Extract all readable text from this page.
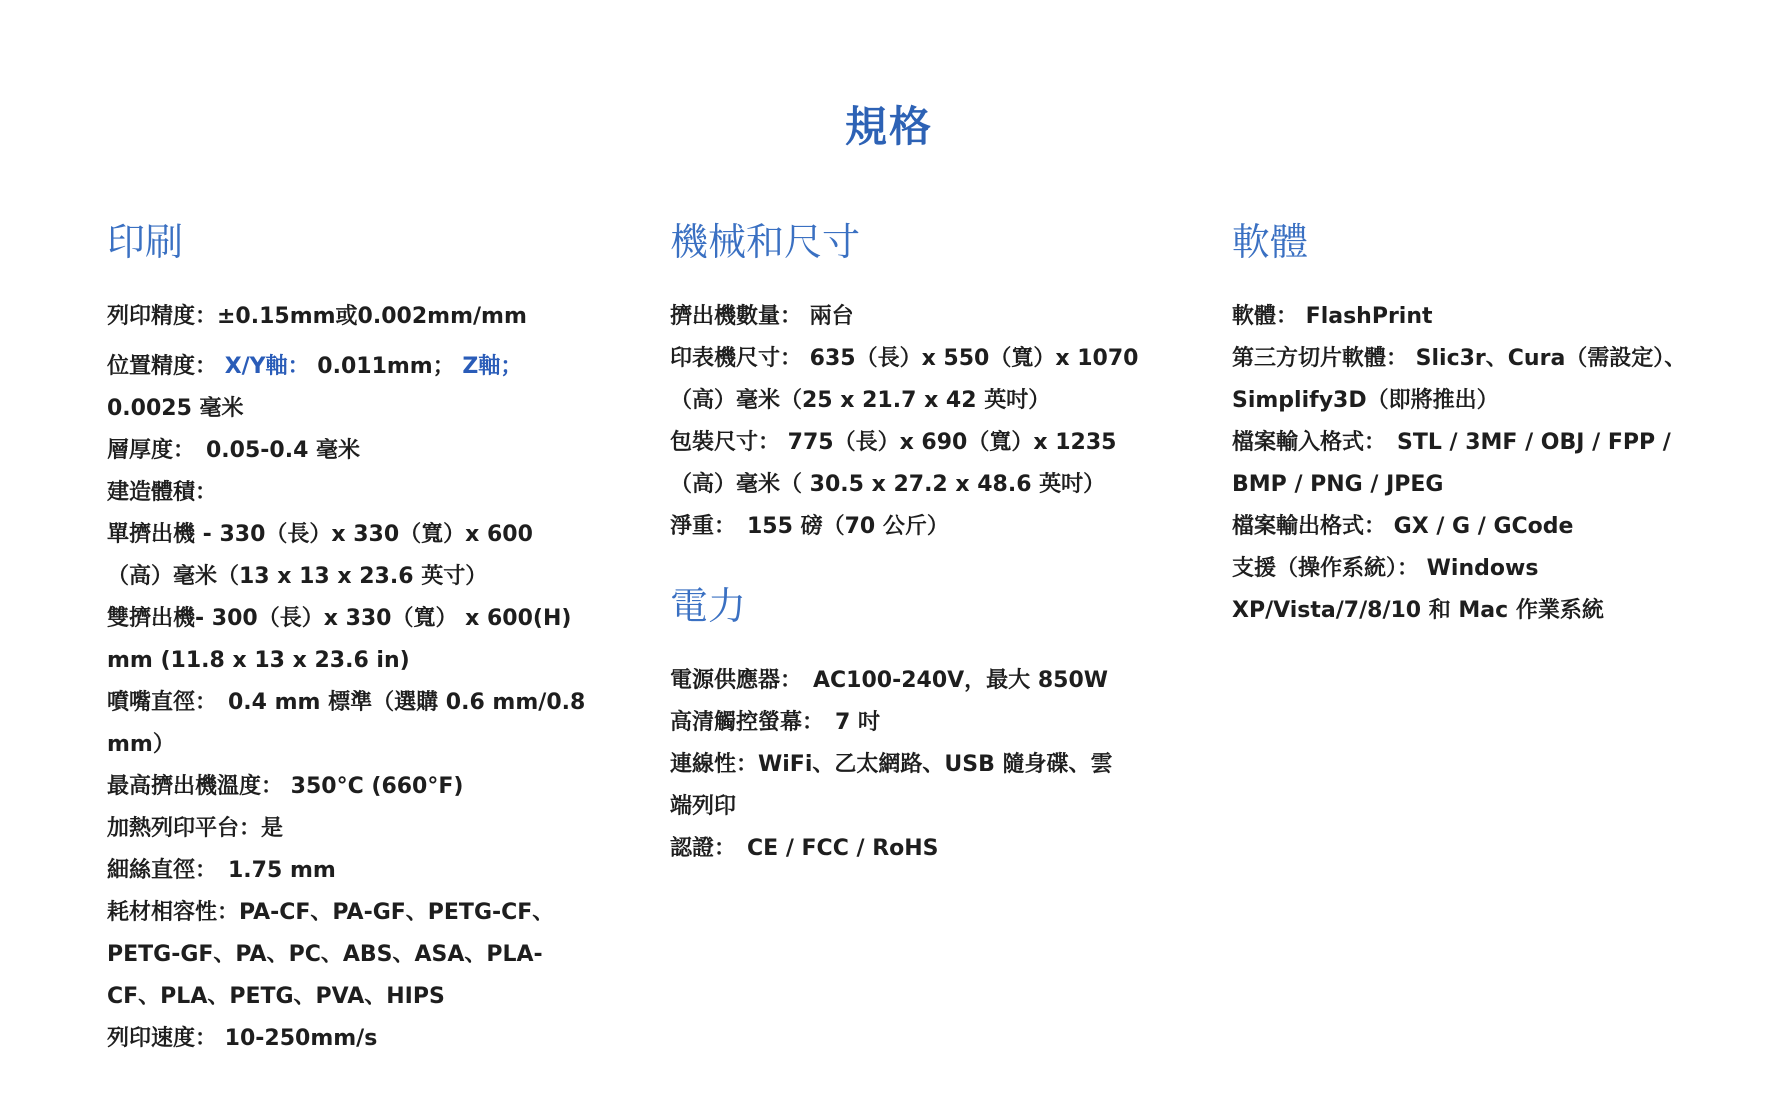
規格
印刷
列印精度：±0.15mm或0.002mm/mm
位置精度： X/Y軸： 0.011mm； Z軸；
0.0025 毫米
層厚度：　0.05-0.4 毫米
建造體積：
單擠出機 - 330（長）x 330（寬）x 600
（高）毫米（13 x 13 x 23.6 英寸）
雙擠出機- 300（長）x 330（寬） x 600(H)
mm (11.8 x 13 x 23.6 in)
噴嘴直徑：　0.4 mm 標準（選購 0.6 mm/0.8
mm）
最高擠出機溫度： 350°C (660°F)
加熱列印平台：是
細絲直徑：　1.75 mm
耗材相容性：PA-CF、PA-GF、PETG-CF、
PETG-GF、PA、PC、ABS、ASA、PLA-
CF、PLA、PETG、PVA、HIPS
列印速度： 10-250mm/s
機械和尺寸
擠出機數量： 兩台
印表機尺寸： 635（長）x 550（寬）x 1070
（高）毫米（25 x 21.7 x 42 英吋）
包裝尺寸： 775（長）x 690（寬）x 1235
（高）毫米（ 30.5 x 27.2 x 48.6 英吋）
淨重：　155 磅（70 公斤）
電力
電源供應器：　AC100-240V，最大 850W
高清觸控螢幕：　7 吋
連線性：WiFi、乙太網路、USB 隨身碟、雲
端列印
認證：　CE / FCC / RoHS
軟體
軟體： FlashPrint
第三方切片軟體： Slic3r、Cura（需設定）、
Simplify3D（即將推出）
檔案輸入格式：　STL / 3MF / OBJ / FPP /
BMP / PNG / JPEG
檔案輸出格式： GX / G / GCode
支援（操作系統）： Windows
XP/Vista/7/8/10 和 Mac 作業系統
